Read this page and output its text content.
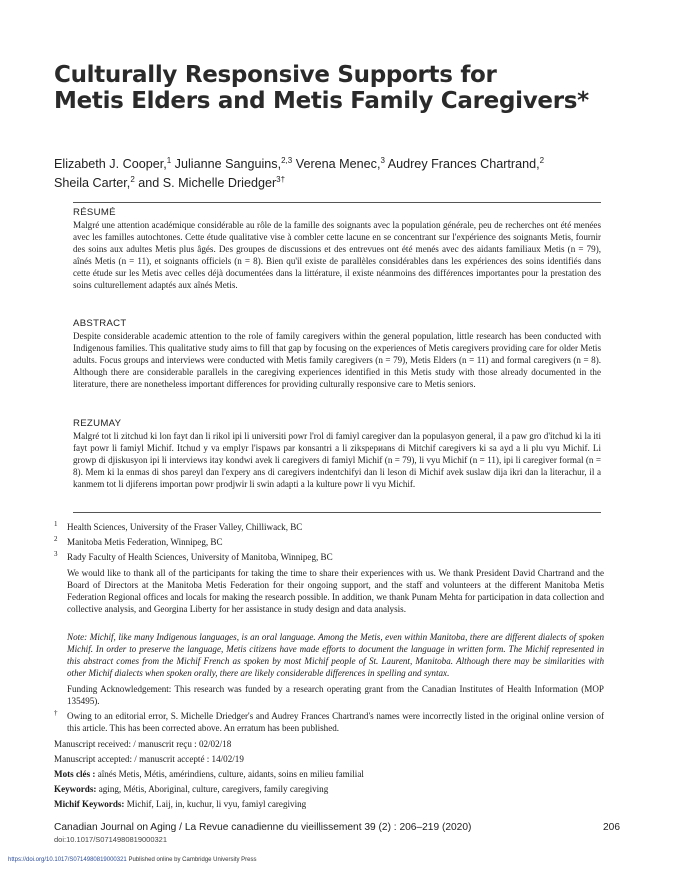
Culturally Responsive Supports for
Metis Elders and Metis Family Caregivers*
Elizabeth J. Cooper,$^1$ Julianne Sanguins,$^{2,3}$ Verena Menec,$^3$ Audrey Frances Chartrand,$^2$
Sheila Carter,$^2$ and S. Michelle Driedger$^{3\dagger}$
RÉSUMÉ
Malgré une attention académique considérable au rôle de la famille des soignants avec la population générale, peu de recherches ont été menées avec les familles autochtones. Cette étude qualitative vise à combler cette lacune en se concentrant sur l'expérience des soignants Metis, fournir des soins aux adultes Metis plus âgés. Des groupes de discussions et des entrevues ont été menés avec des aidants familiaux Metis (n = 79), aînés Metis (n = 11), et soignants officiels (n = 8). Bien qu'il existe de parallèles considérables dans les expériences des soins identifiés dans cette étude sur les Metis avec celles déjà documentées dans la littérature, il existe néanmoins des différences importantes pour la prestation des soins culturellement adaptés aux aînés Metis.
ABSTRACT
Despite considerable academic attention to the role of family caregivers within the general population, little research has been conducted with Indigenous families. This qualitative study aims to fill that gap by focusing on the experiences of Metis caregivers providing care for older Metis adults. Focus groups and interviews were conducted with Metis family caregivers (n = 79), Metis Elders (n = 11) and formal caregivers (n = 8). Although there are considerable parallels in the caregiving experiences identified in this Metis study with those already documented in the literature, there are nonetheless important differences for providing culturally responsive care to Metis seniors.
REZUMAY
Malgré tot li zitchud ki lon fayt dan li rikol ipi li universiti powr l'rol di famiyl caregiver dan la populasyon general, il a paw gro d'itchud ki la iti fayt powr li famiyl Michif. Itchud y va emplyr l'ispaws par konsantri a li zikspериans di Mitchif caregivers ki sa ayd a li plu vyu Michif. Li growp di djiskusyon ipi li interviews itay kondwi avek li caregivers di famiyl Michif (n = 79), li vyu Michif (n = 11), ipi li caregiver formal (n = 8). Mem ki la enmas di shos pareyl dan l'expery ans di caregivers indentchifyi dan li leson di Michif avek suslaw dija ikri dan la literachur, il a kanmem tot li djiferens importan powr prodjwir li swin adapti a la kulture powr li vyu Michif.
1 Health Sciences, University of the Fraser Valley, Chilliwack, BC
2 Manitoba Metis Federation, Winnipeg, BC
3 Rady Faculty of Health Sciences, University of Manitoba, Winnipeg, BC
We would like to thank all of the participants for taking the time to share their experiences with us. We thank President David Chartrand and the Board of Directors at the Manitoba Metis Federation for their ongoing support, and the staff and volunteers at the different Manitoba Metis Federation Regional offices and locals for making the research possible. In addition, we thank Punam Mehta for participation in data collection and collective analysis, and Georgina Liberty for her assistance in study design and data analysis.
Note: Michif, like many Indigenous languages, is an oral language. Among the Metis, even within Manitoba, there are different dialects of spoken Michif. In order to preserve the language, Metis citizens have made efforts to document the language in written form. The Michif represented in this abstract comes from the Michif French as spoken by most Michif people of St. Laurent, Manitoba. Although there may be similarities with other Michif dialects when spoken orally, there are likely considerable differences in spelling and syntax.
Funding Acknowledgement: This research was funded by a research operating grant from the Canadian Institutes of Health Information (MOP 135495).
† Owing to an editorial error, S. Michelle Driedger's and Audrey Frances Chartrand's names were incorrectly listed in the original online version of this article. This has been corrected above. An erratum has been published.
Manuscript received: / manuscrit reçu : 02/02/18
Manuscript accepted: / manuscrit accepté : 14/02/19
Mots clés : aînés Metis, Métis, amérindiens, culture, aidants, soins en milieu familial
Keywords: aging, Métis, Aboriginal, culture, caregivers, family caregiving
Michif Keywords: Michif, Laij, in, kuchur, li vyu, famiyl caregiving
Canadian Journal on Aging / La Revue canadienne du vieillissement 39 (2) : 206–219 (2020)	206
doi:10.1017/S0714980819000321
https://doi.org/10.1017/S0714980819000321 Published online by Cambridge University Press
